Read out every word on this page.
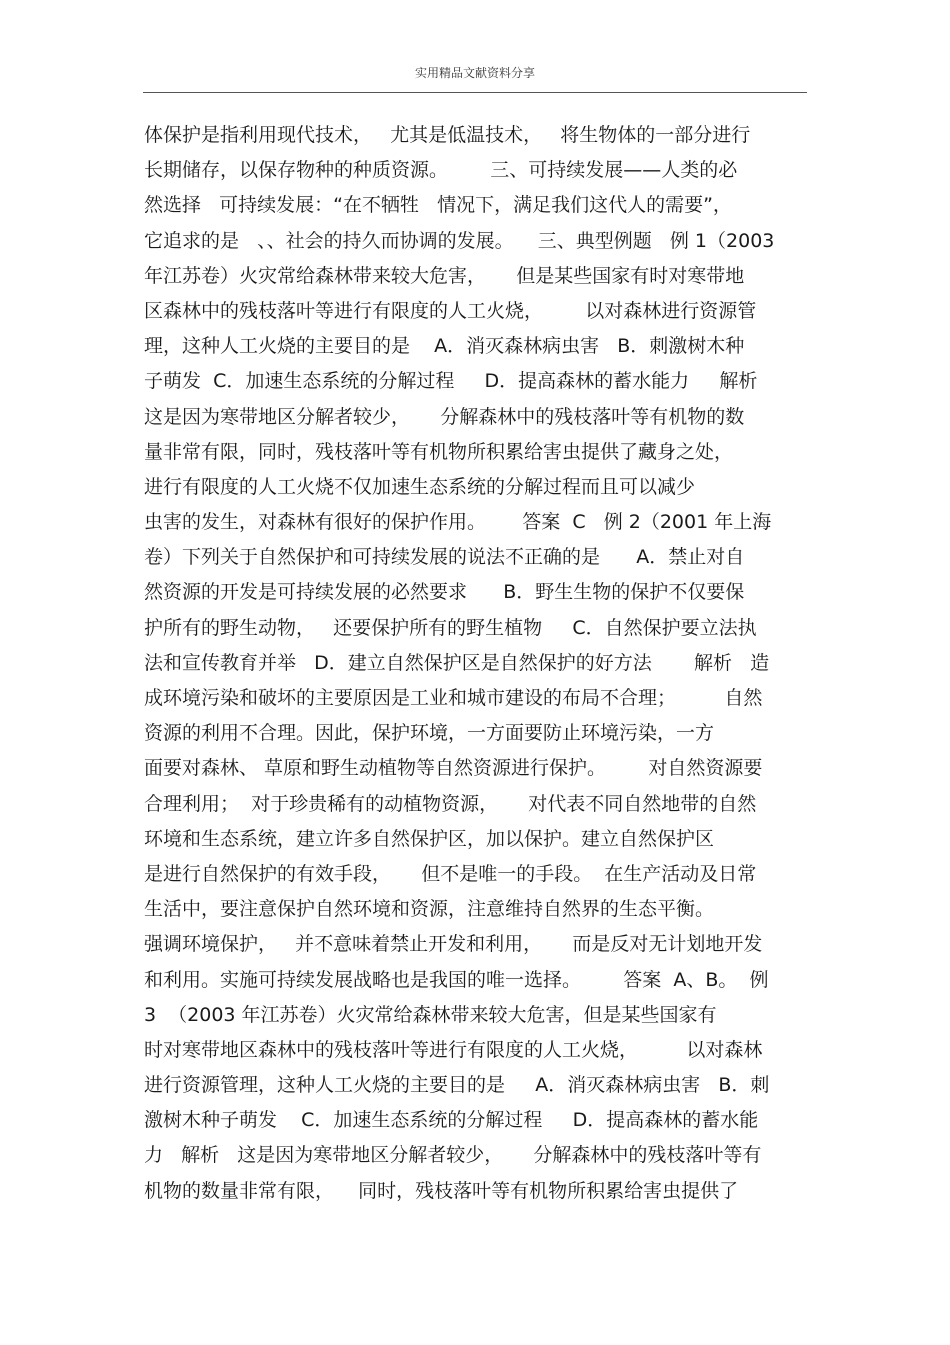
实用精品文献资料分享
体保护是指利用现代技术，   尤其是低温技术，   将生物体的一部分进行
长期储存，以保存物种的种质资源。       三、可持续发展——人类的必
然选择   可持续发展：“在不牺牲   情况下，满足我们这代人的需要”，
它追求的是   、、社会的持久而协调的发展。    三、典型例题   例 1（2003
年江苏卷）火灾常给森林带来较大危害，     但是某些国家有时对寒带地
区森林中的残枝落叶等进行有限度的人工火烧，       以对森林进行资源管
理，这种人工火烧的主要目的是    A．消灭森林病虫害   B．刺激树木种
子萌发  C．加速生态系统的分解过程     D．提高森林的蓄水能力     解析
这是因为寒带地区分解者较少，     分解森林中的残枝落叶等有机物的数
量非常有限，同时，残枝落叶等有机物所积累给害虫提供了藏身之处，
进行有限度的人工火烧不仅加速生态系统的分解过程而且可以减少
虫害的发生，对森林有很好的保护作用。      答案  C   例 2（2001 年上海
卷）下列关于自然保护和可持续发展的说法不正确的是      A．禁止对自
然资源的开发是可持续发展的必然要求      B．野生生物的保护不仅要保
护所有的野生动物，   还要保护所有的野生植物     C．自然保护要立法执
法和宣传教育并举   D．建立自然保护区是自然保护的好方法       解析   造
成环境污染和破坏的主要原因是工业和城市建设的布局不合理；        自然
资源的利用不合理。因此，保护环境，一方面要防止环境污染，一方
面要对森林、 草原和野生动植物等自然资源进行保护。       对自然资源要
合理利用；  对于珍贵稀有的动植物资源，     对代表不同自然地带的自然
环境和生态系统，建立许多自然保护区，加以保护。建立自然保护区
是进行自然保护的有效手段，     但不是唯一的手段。  在生产活动及日常
生活中，要注意保护自然环境和资源，注意维持自然界的生态平衡。
强调环境保护，   并不意味着禁止开发和利用，     而是反对无计划地开发
和利用。实施可持续发展战略也是我国的唯一选择。       答案  A、B。  例
3  （2003 年江苏卷）火灾常给森林带来较大危害，但是某些国家有
时对寒带地区森林中的残枝落叶等进行有限度的人工火烧，        以对森林
进行资源管理，这种人工火烧的主要目的是     A．消灭森林病虫害   B．刺
激树木种子萌发    C．加速生态系统的分解过程     D．提高森林的蓄水能
力   解析   这是因为寒带地区分解者较少，     分解森林中的残枝落叶等有
机物的数量非常有限，    同时，残枝落叶等有机物所积累给害虫提供了
